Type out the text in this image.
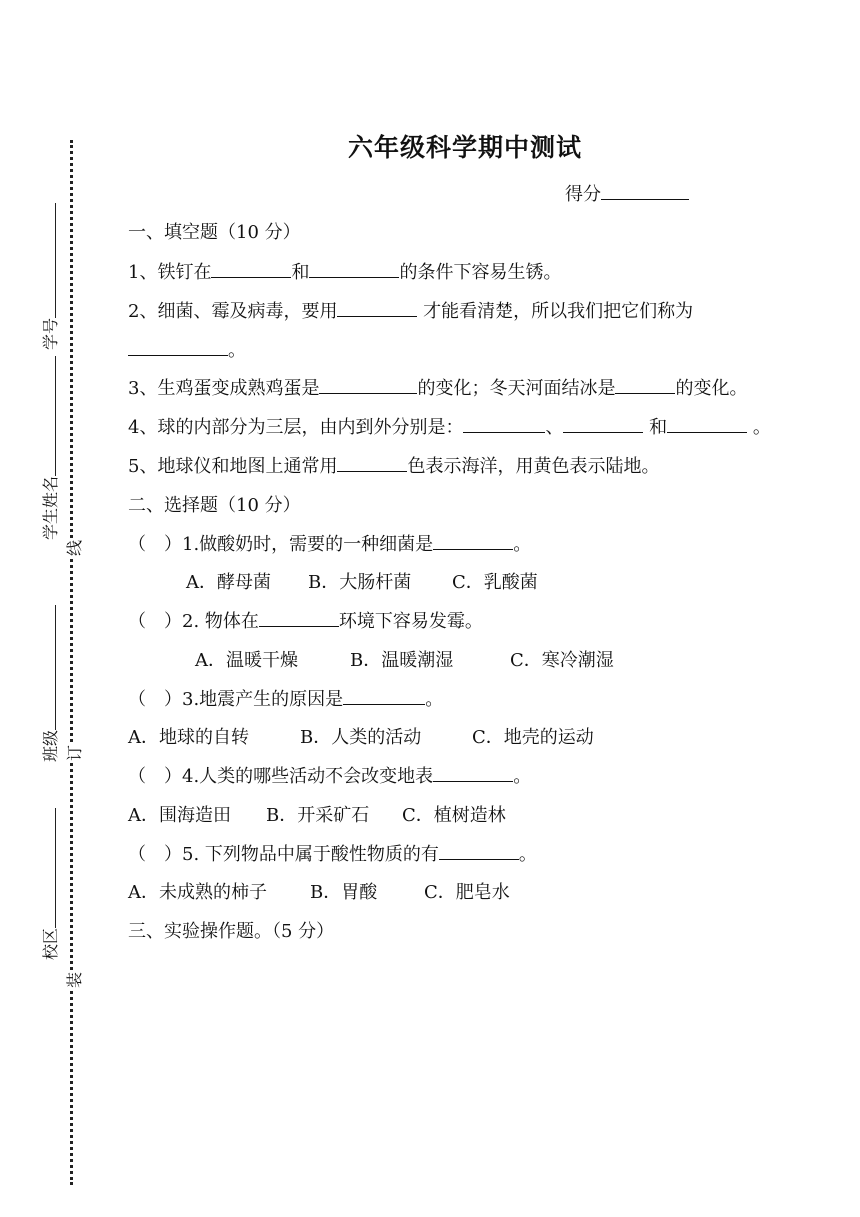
学号
学生姓名
班级
校区
线
订
装
六年级科学期中测试
得分
一、填空题（10 分）
1、铁钉在	和	的条件下容易生锈。
2、细菌、霉及病毒，要用	才能看清楚，所以我们把它们称为
。
3、生鸡蛋变成熟鸡蛋是	的变化；冬天河面结冰是	的变化。
4、球的内部分为三层，由内到外分别是：	、	和	。
5、地球仪和地图上通常用	色表示海洋，用黄色表示陆地。
二、选择题（10 分）
（　）1.做酸奶时，需要的一种细菌是	。
A．酵母菌 B．大肠杆菌 C．乳酸菌
（　）2. 物体在	环境下容易发霉。
A．温暖干燥	B．温暖潮湿	C．寒冷潮湿
（　）3.地震产生的原因是	。
A．地球的自转	B．人类的活动	C．地壳的运动
（　）4.人类的哪些活动不会改变地表	。
A．围海造田 B．开采矿石 C．植树造林
（　）5. 下列物品中属于酸性物质的有	。
A．未成熟的柿子 B．胃酸	C．肥皂水
三、实验操作题。（5 分）
